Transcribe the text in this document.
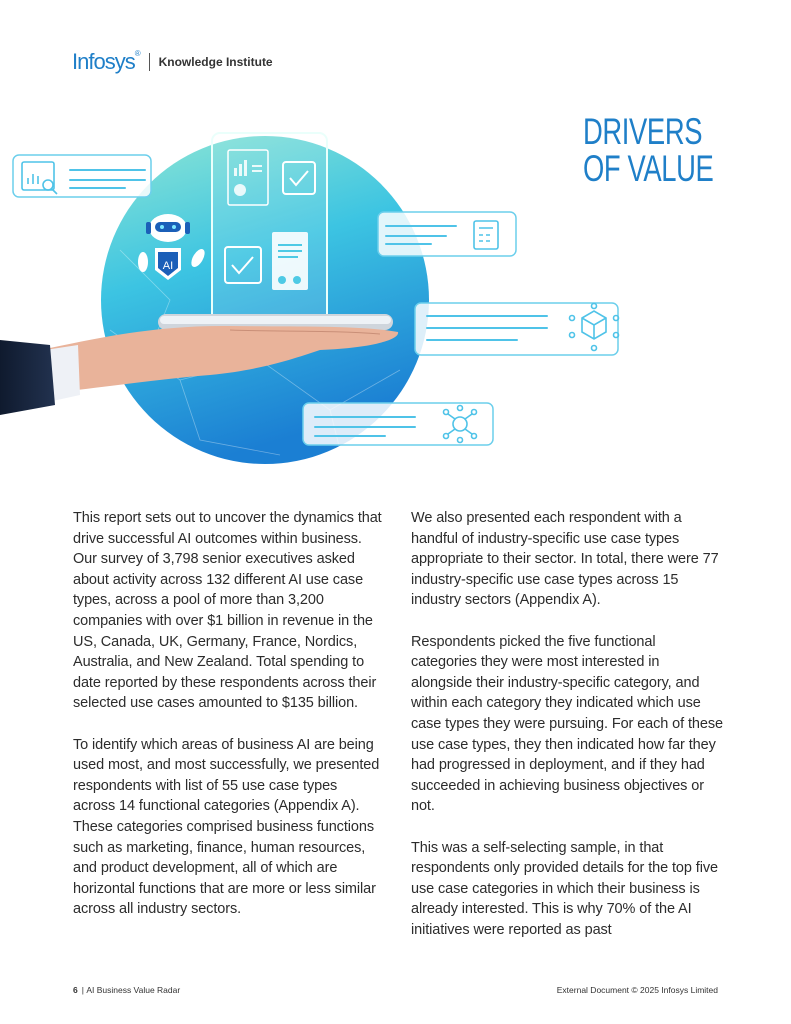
Infosys®
Knowledge Institute
DRIVERS
OF VALUE
AI

This report sets out to uncover the dynamics that drive successful AI outcomes within business. Our survey of 3,798 senior executives asked about activity across 132 different AI use case types, across a pool of more than 3,200 companies with over $1 billion in revenue in the US, Canada, UK, Germany, France, Nordics, Australia, and New Zealand. Total spending to date reported by these respondents across their selected use cases amounted to $135 billion.

To identify which areas of business AI are being used most, and most successfully, we presented respondents with list of 55 use case types across 14 functional categories (Appendix A). These categories comprised business functions such as marketing, finance, human resources, and product development, all of which are horizontal functions that are more or less similar across all industry sectors.

We also presented each respondent with a handful of industry-specific use case types appropriate to their sector. In total, there were 77 industry-specific use case types across 15 industry sectors (Appendix A).

Respondents picked the five functional categories they were most interested in alongside their industry-specific category, and within each category they indicated which use case types they were pursuing. For each of these use case types, they then indicated how far they had progressed in deployment, and if they had succeeded in achieving business objectives or not.

This was a self-selecting sample, in that respondents only provided details for the top five use case categories in which their business is already interested. This is why 70% of the AI initiatives were reported as past

6 | AI Business Value Radar	External Document © 2025 Infosys Limited
